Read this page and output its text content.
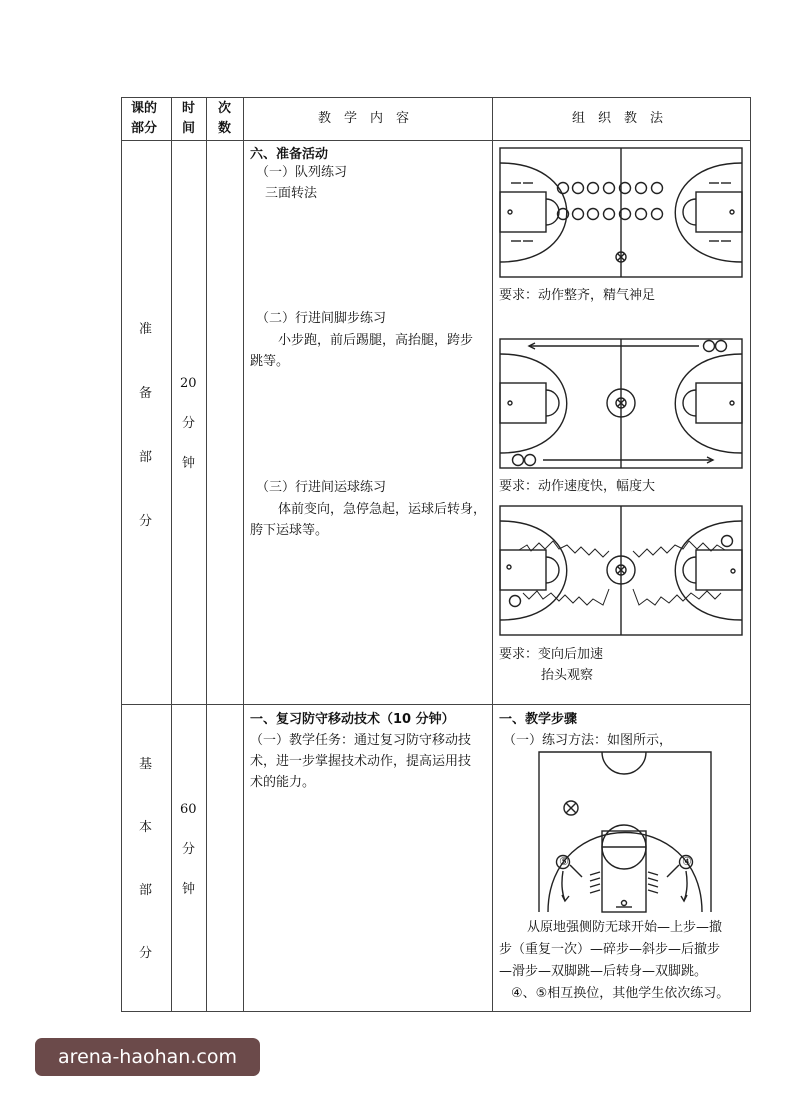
课的
部分
时
间
次
数
教　学　内　容	组　织　教　法
准
备
部
分
20
分
钟
六、准备活动
（一）队列练习
三面转法
（二）行进间脚步练习
小步跑，前后踢腿，高抬腿，跨步
跳等。
（三）行进间运球练习
体前变向，急停急起，运球后转身，
胯下运球等。
要求：动作整齐，精气神足
要求：动作速度快，幅度大
要求：变向后加速
抬头观察
基
本
部
分
60
分
钟
一、复习防守移动技术（10 分钟）
（一）教学任务：通过复习防守移动技
术，进一步掌握技术动作，提高运用技
术的能力。
一、教学步骤
（一）练习方法：如图所示，
⑤	④
从原地强侧防无球开始—上步—撤
步（重复一次）—碎步—斜步—后撤步
—滑步—双脚跳—后转身—双脚跳。
④、⑤相互换位，其他学生依次练习。
arena-haohan.com
